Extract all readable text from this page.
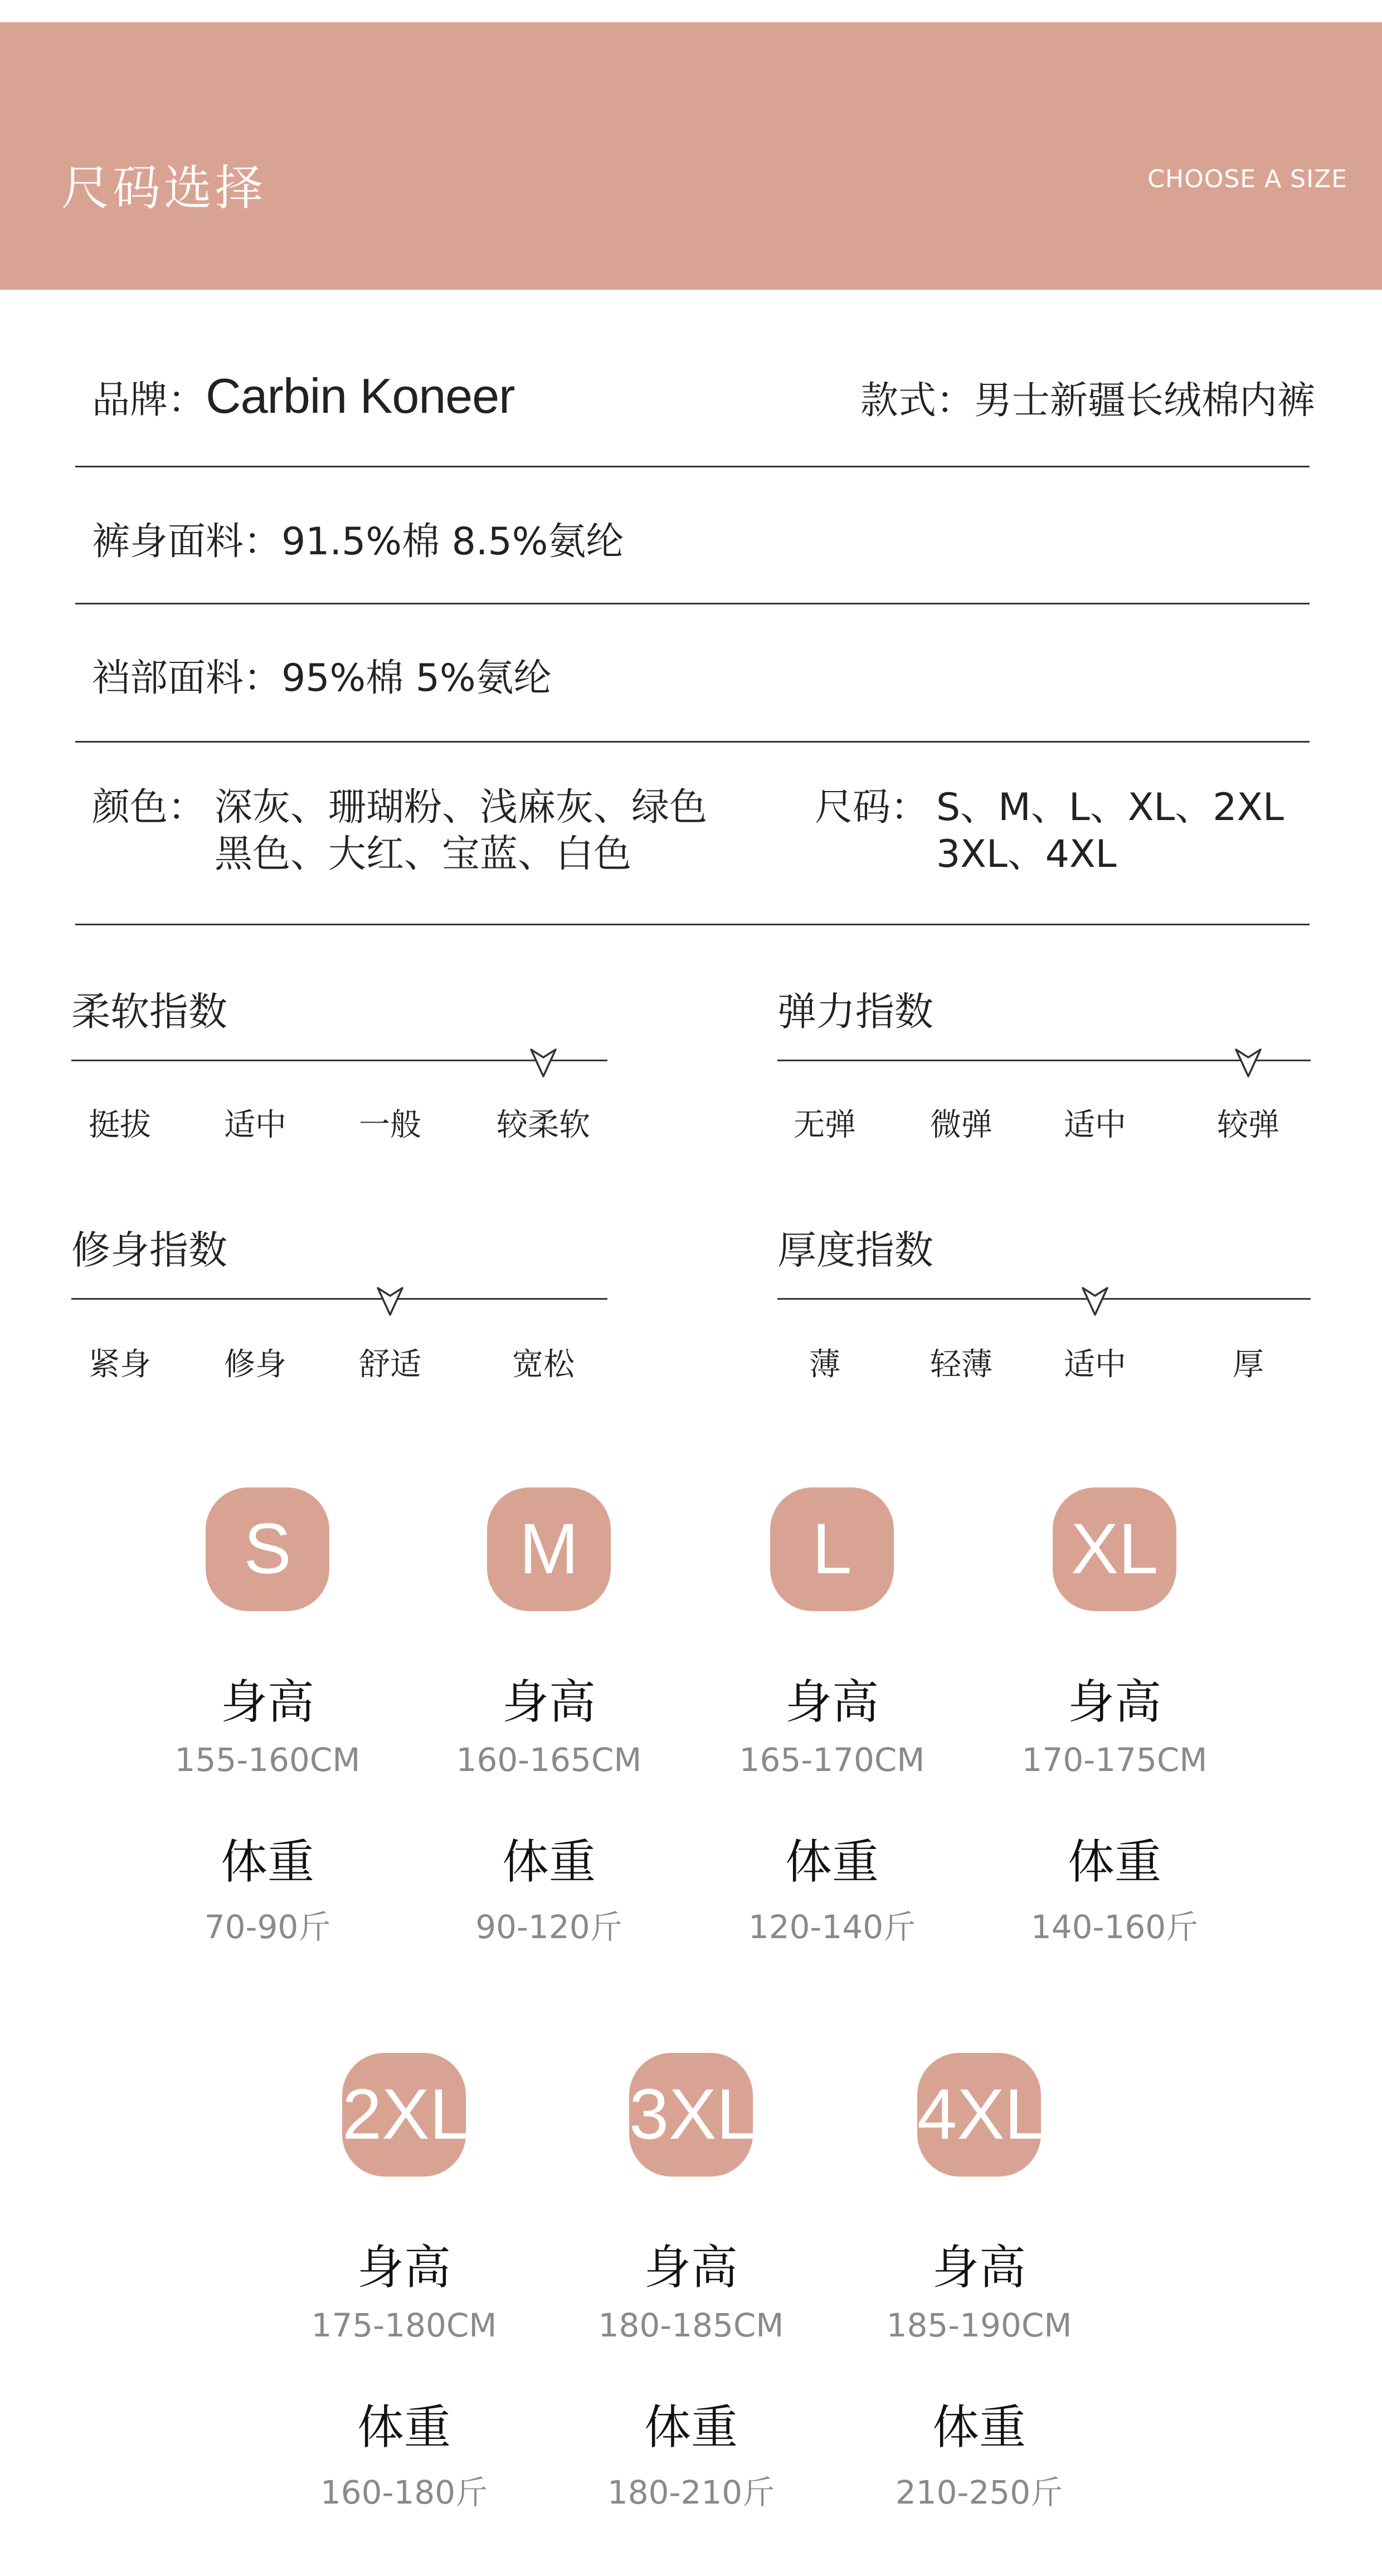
尺码选择	CHOOSE A SIZE
品牌：Carbin Koneer	款式：男士新疆长绒棉内裤
裤身面料：91.5%棉 8.5%氨纶
裆部面料：95%棉 5%氨纶
颜色： 深灰、珊瑚粉、浅麻灰、绿色
黑色、大红、宝蓝、白色
尺码： S、M、L、XL、2XL
3XL、4XL
柔软指数
挺拔 适中 一般 较柔软
弹力指数
无弹 微弹 适中	较弹
修身指数
紧身 修身 舒适	宽松
厚度指数
薄	轻薄 适中	厚
S
身高
155-160CM
体重
70-90斤
M
身高
160-165CM
体重
90-120斤
L
身高
165-170CM
体重
120-140斤
XL
身高
170-175CM
体重
140-160斤
2XL
身高
175-180CM
体重
160-180斤
3XL
身高
180-185CM
体重
180-210斤
4XL
身高
185-190CM
体重
210-250斤
